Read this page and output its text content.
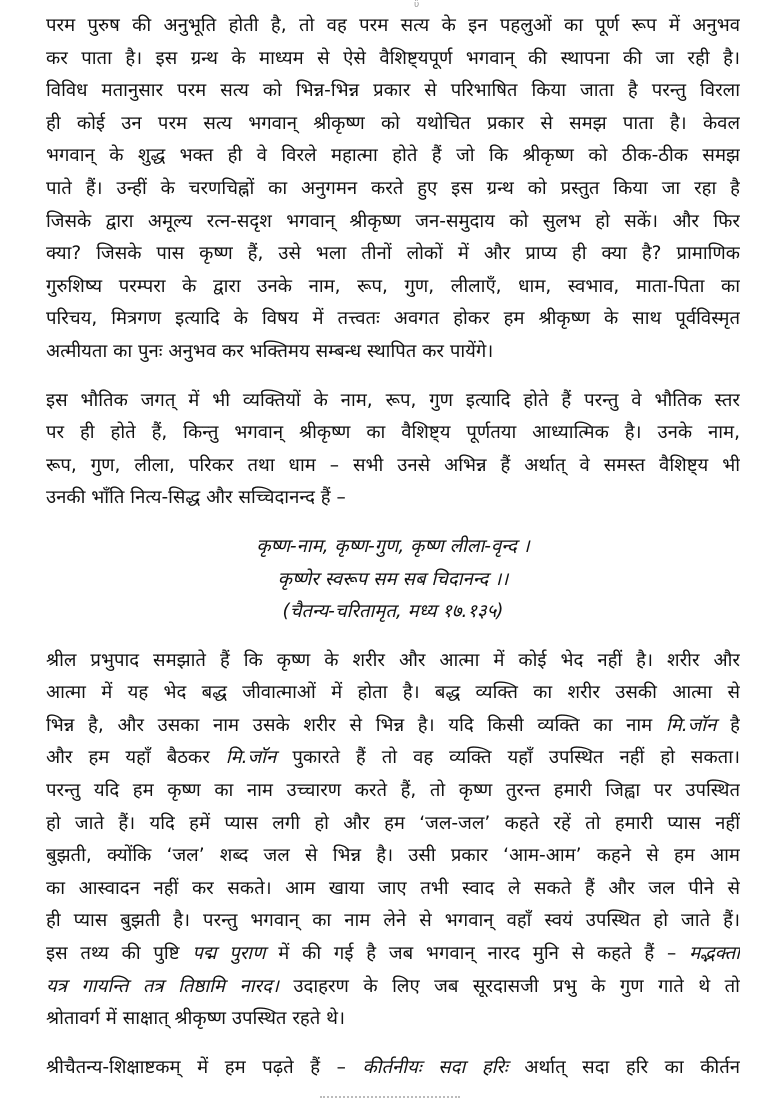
ΰ
परम पुरुष की अनुभूति होती है, तो वह परम सत्य के इन पहलुओं का पूर्ण रूप में अनुभव
कर पाता है। इस ग्रन्थ के माध्यम से ऐसे वैशिष्ट्यपूर्ण भगवान् की स्थापना की जा रही है।
विविध मतानुसार परम सत्य को भिन्न-भिन्न प्रकार से परिभाषित किया जाता है परन्तु विरला
ही कोई उन परम सत्य भगवान् श्रीकृष्ण को यथोचित प्रकार से समझ पाता है। केवल
भगवान् के शुद्ध भक्त ही वे विरले महात्मा होते हैं जो कि श्रीकृष्ण को ठीक-ठीक समझ
पाते हैं। उन्हीं के चरणचिह्नों का अनुगमन करते हुए इस ग्रन्थ को प्रस्तुत किया जा रहा है
जिसके द्वारा अमूल्य रत्न-सदृश भगवान् श्रीकृष्ण जन-समुदाय को सुलभ हो सकें। और फिर
क्या? जिसके पास कृष्ण हैं, उसे भला तीनों लोकों में और प्राप्य ही क्या है? प्रामाणिक
गुरुशिष्य परम्परा के द्वारा उनके नाम, रूप, गुण, लीलाएँ, धाम, स्वभाव, माता-पिता का
परिचय, मित्रगण इत्यादि के विषय में तत्त्वतः अवगत होकर हम श्रीकृष्ण के साथ पूर्वविस्मृत
अत्मीयता का पुनः अनुभव कर भक्तिमय सम्बन्ध स्थापित कर पायेंगे।
इस भौतिक जगत् में भी व्यक्तियों के नाम, रूप, गुण इत्यादि होते हैं परन्तु वे भौतिक स्तर
पर ही होते हैं, किन्तु भगवान् श्रीकृष्ण का वैशिष्ट्य पूर्णतया आध्यात्मिक है। उनके नाम,
रूप, गुण, लीला, परिकर तथा धाम – सभी उनसे अभिन्न हैं अर्थात् वे समस्त वैशिष्ट्य भी
उनकी भाँति नित्य-सिद्ध और सच्चिदानन्द हैं –
कृष्ण-नाम, कृष्ण-गुण, कृष्ण लीला-वृन्द ।
कृष्णेर स्वरूप सम सब चिदानन्द ।।
(चैतन्य-चरितामृत, मध्य १७.१३५)
श्रील प्रभुपाद समझाते हैं कि कृष्ण के शरीर और आत्मा में कोई भेद नहीं है। शरीर और
आत्मा में यह भेद बद्ध जीवात्माओं में होता है। बद्ध व्यक्ति का शरीर उसकी आत्मा से
भिन्न है, और उसका नाम उसके शरीर से भिन्न है। यदि किसी व्यक्ति का नाम मि.जॉन है
और हम यहाँ बैठकर मि.जॉन पुकारते हैं तो वह व्यक्ति यहाँ उपस्थित नहीं हो सकता।
परन्तु यदि हम कृष्ण का नाम उच्चारण करते हैं, तो कृष्ण तुरन्त हमारी जिह्वा पर उपस्थित
हो जाते हैं। यदि हमें प्यास लगी हो और हम ‘जल-जल’ कहते रहें तो हमारी प्यास नहीं
बुझती, क्योंकि ‘जल’ शब्द जल से भिन्न है। उसी प्रकार ‘आम-आम’ कहने से हम आम
का आस्वादन नहीं कर सकते। आम खाया जाए तभी स्वाद ले सकते हैं और जल पीने से
ही प्यास बुझती है। परन्तु भगवान् का नाम लेने से भगवान् वहाँ स्वयं उपस्थित हो जाते हैं।
इस तथ्य की पुष्टि पद्म पुराण में की गई है जब भगवान् नारद मुनि से कहते हैं – मद्भक्ता
यत्र गायन्ति तत्र तिष्ठामि नारद। उदाहरण के लिए जब सूरदासजी प्रभु के गुण गाते थे तो
श्रोतावर्ग में साक्षात् श्रीकृष्ण उपस्थित रहते थे।
श्रीचैतन्य-शिक्षाष्टकम् में हम पढ़ते हैं – कीर्तनीयः सदा हरिः अर्थात् सदा हरि का कीर्तन
